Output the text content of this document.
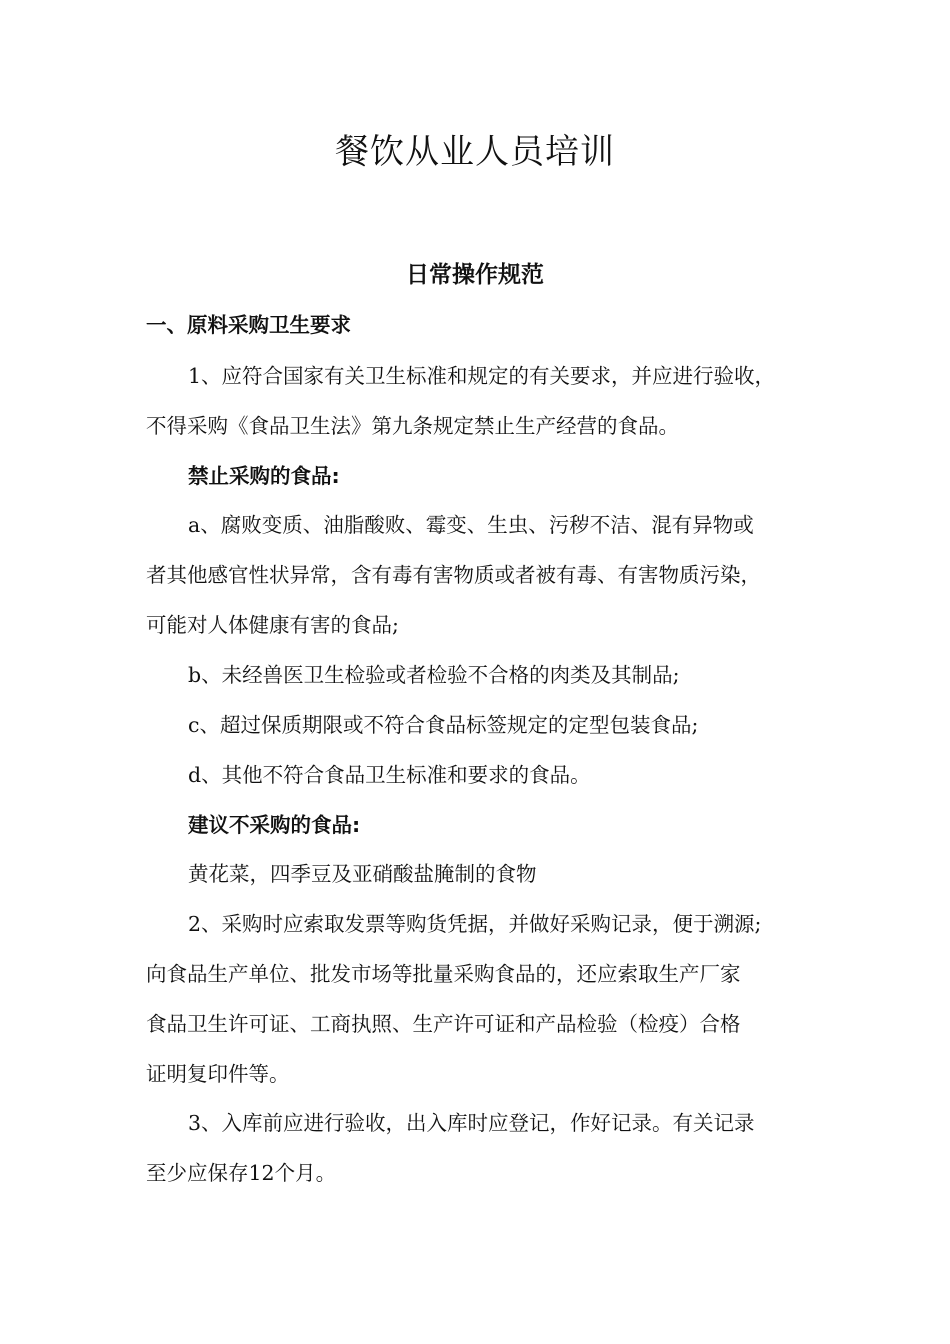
餐饮从业人员培训
日常操作规范
一、原料采购卫生要求
1、应符合国家有关卫生标准和规定的有关要求，并应进行验收，
不得采购《食品卫生法》第九条规定禁止生产经营的食品。
禁止采购的食品:
a、腐败变质、油脂酸败、霉变、生虫、污秽不洁、混有异物或
者其他感官性状异常，含有毒有害物质或者被有毒、有害物质污染，
可能对人体健康有害的食品;
b、未经兽医卫生检验或者检验不合格的肉类及其制品;
c、超过保质期限或不符合食品标签规定的定型包装食品;
d、其他不符合食品卫生标准和要求的食品。
建议不采购的食品:
黄花菜，四季豆及亚硝酸盐腌制的食物
2、采购时应索取发票等购货凭据，并做好采购记录，便于溯源;
向食品生产单位、批发市场等批量采购食品的，还应索取生产厂家
食品卫生许可证、工商执照、生产许可证和产品检验（检疫）合格
证明复印件等。
3、入库前应进行验收，出入库时应登记，作好记录。有关记录
至少应保存12个月。
